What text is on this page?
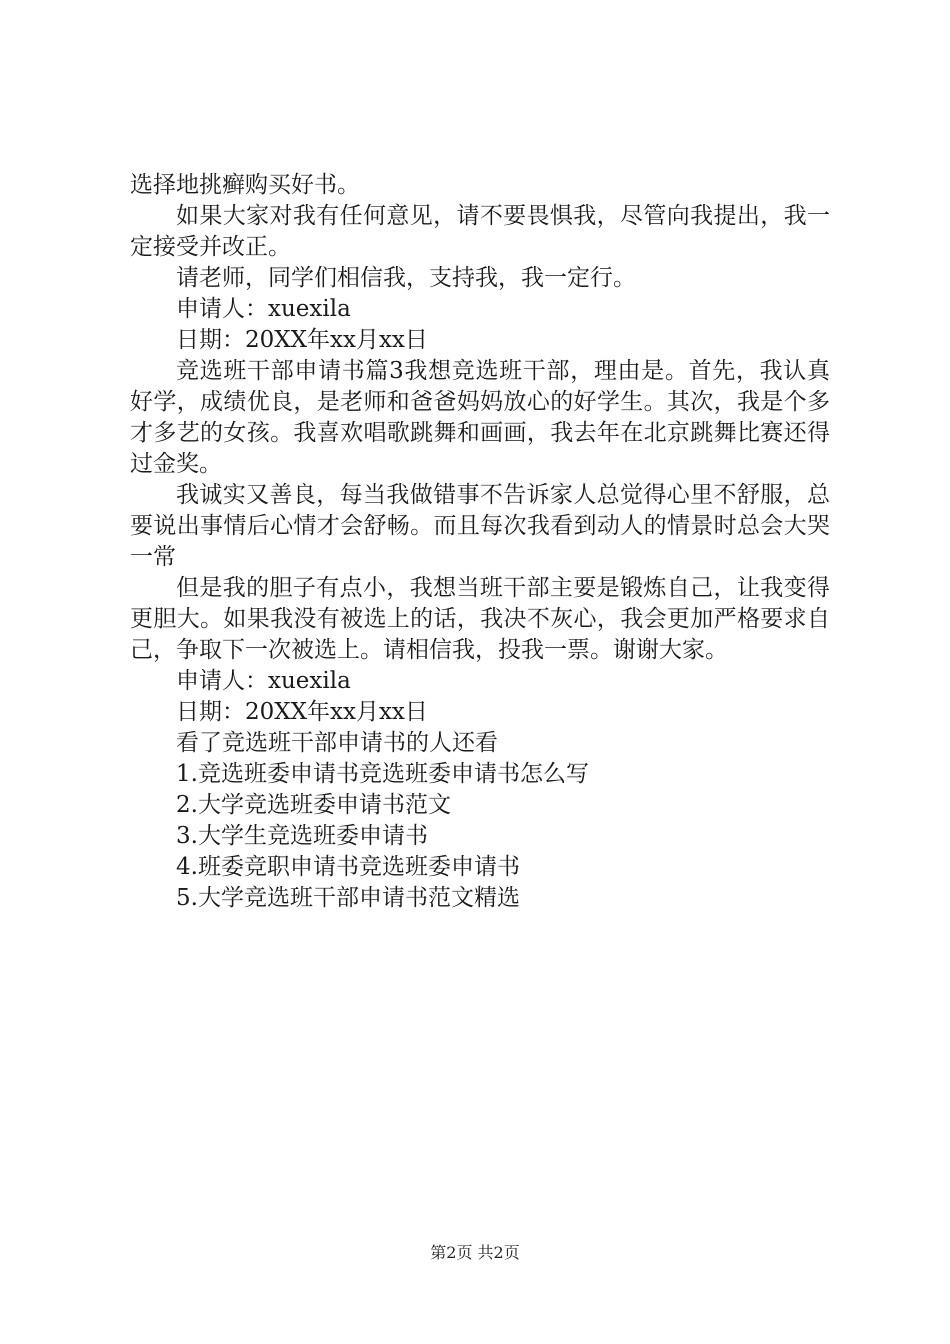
选择地挑癣购买好书。

如果大家对我有任何意见，请不要畏惧我，尽管向我提出，我一定接受并改正。

请老师，同学们相信我，支持我，我一定行。

申请人：xuexila

日期：20XX年xx月xx日

竞选班干部申请书篇3我想竞选班干部，理由是。首先，我认真好学，成绩优良，是老师和爸爸妈妈放心的好学生。其次，我是个多才多艺的女孩。我喜欢唱歌跳舞和画画，我去年在北京跳舞比赛还得过金奖。

我诚实又善良，每当我做错事不告诉家人总觉得心里不舒服，总要说出事情后心情才会舒畅。而且每次我看到动人的情景时总会大哭一常

但是我的胆子有点小，我想当班干部主要是锻炼自己，让我变得更胆大。如果我没有被选上的话，我决不灰心，我会更加严格要求自己，争取下一次被选上。请相信我，投我一票。谢谢大家。

申请人：xuexila

日期：20XX年xx月xx日

看了竞选班干部申请书的人还看

1.竞选班委申请书竞选班委申请书怎么写

2.大学竞选班委申请书范文

3.大学生竞选班委申请书

4.班委竞职申请书竞选班委申请书

5.大学竞选班干部申请书范文精选

第2页 共2页
